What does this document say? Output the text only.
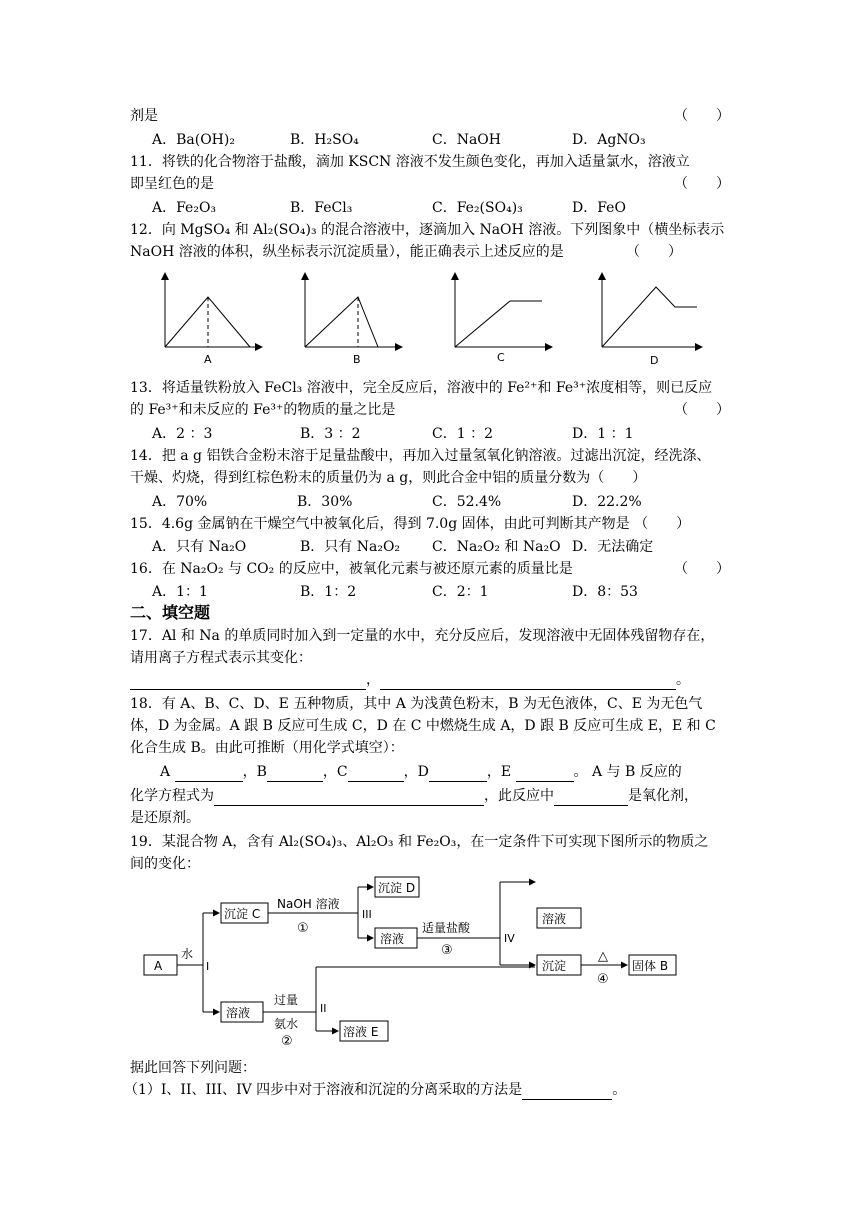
剂是	（　　）
A．Ba(OH)₂	B．H₂SO₄	C．NaOH	D．AgNO₃
11．将铁的化合物溶于盐酸，滴加 KSCN 溶液不发生颜色变化，再加入适量氯水，溶液立
即呈红色的是	（　　）
A．Fe₂O₃	B．FeCl₃	C．Fe₂(SO₄)₃	D．FeO
12．向 MgSO₄ 和 Al₂(SO₄)₃ 的混合溶液中，逐滴加入 NaOH 溶液。下列图象中（横坐标表示
NaOH 溶液的体积，纵坐标表示沉淀质量），能正确表示上述反应的是	（　　）
A	B	C	D
13．将适量铁粉放入 FeCl₃ 溶液中，完全反应后，溶液中的 Fe²⁺和 Fe³⁺浓度相等，则已反应
的 Fe³⁺和未反应的 Fe³⁺的物质的量之比是	（　　）
A．2 ：3	B．3 ：2	C．1 ：2	D．1 ：1
14．把 a g 铝铁合金粉末溶于足量盐酸中，再加入过量氢氧化钠溶液。过滤出沉淀，经洗涤、
干燥、灼烧，得到红棕色粉末的质量仍为 a g，则此合金中铝的质量分数为（　　）
A．70%	B．30%	C．52.4%	D．22.2%
15．4.6g 金属钠在干燥空气中被氧化后，得到 7.0g 固体，由此可判断其产物是 （　　）
A．只有 Na₂O	B．只有 Na₂O₂ C．Na₂O₂ 和 Na₂O D．无法确定
16．在 Na₂O₂ 与 CO₂ 的反应中，被氧化元素与被还原元素的质量比是	（　　）
A．1：1	B．1：2	C．2：1	D．8：53
二、填空题
17．Al 和 Na 的单质同时加入到一定量的水中，充分反应后，发现溶液中无固体残留物存在，
请用离子方程式表示其变化：
，	。
18．有 A、B、C、D、E 五种物质，其中 A 为浅黄色粉末，B 为无色液体，C、E 为无色气
体，D 为金属。A 跟 B 反应可生成 C，D 在 C 中燃烧生成 A，D 跟 B 反应可生成 E，E 和 C
化合生成 B。由此可推断（用化学式填空）：
A	，B	，C	，D	，E	。 A 与 B 反应的
化学方程式为	，此反应中	是氧化剂，
是还原剂。
19．某混合物 A，含有 Al₂(SO₄)₃、Al₂O₃ 和 Fe₂O₃，在一定条件下可实现下图所示的物质之
间的变化：
A
水
I
沉淀 C
NaOH 溶液
①
III
沉淀 D
溶液
适量盐酸
③
IV
溶液
沉淀
△
④
固体 B
溶液
过量
氨水
②
II
溶液 E
据此回答下列问题：
（1）I、II、III、IV 四步中对于溶液和沉淀的分离采取的方法是	。
